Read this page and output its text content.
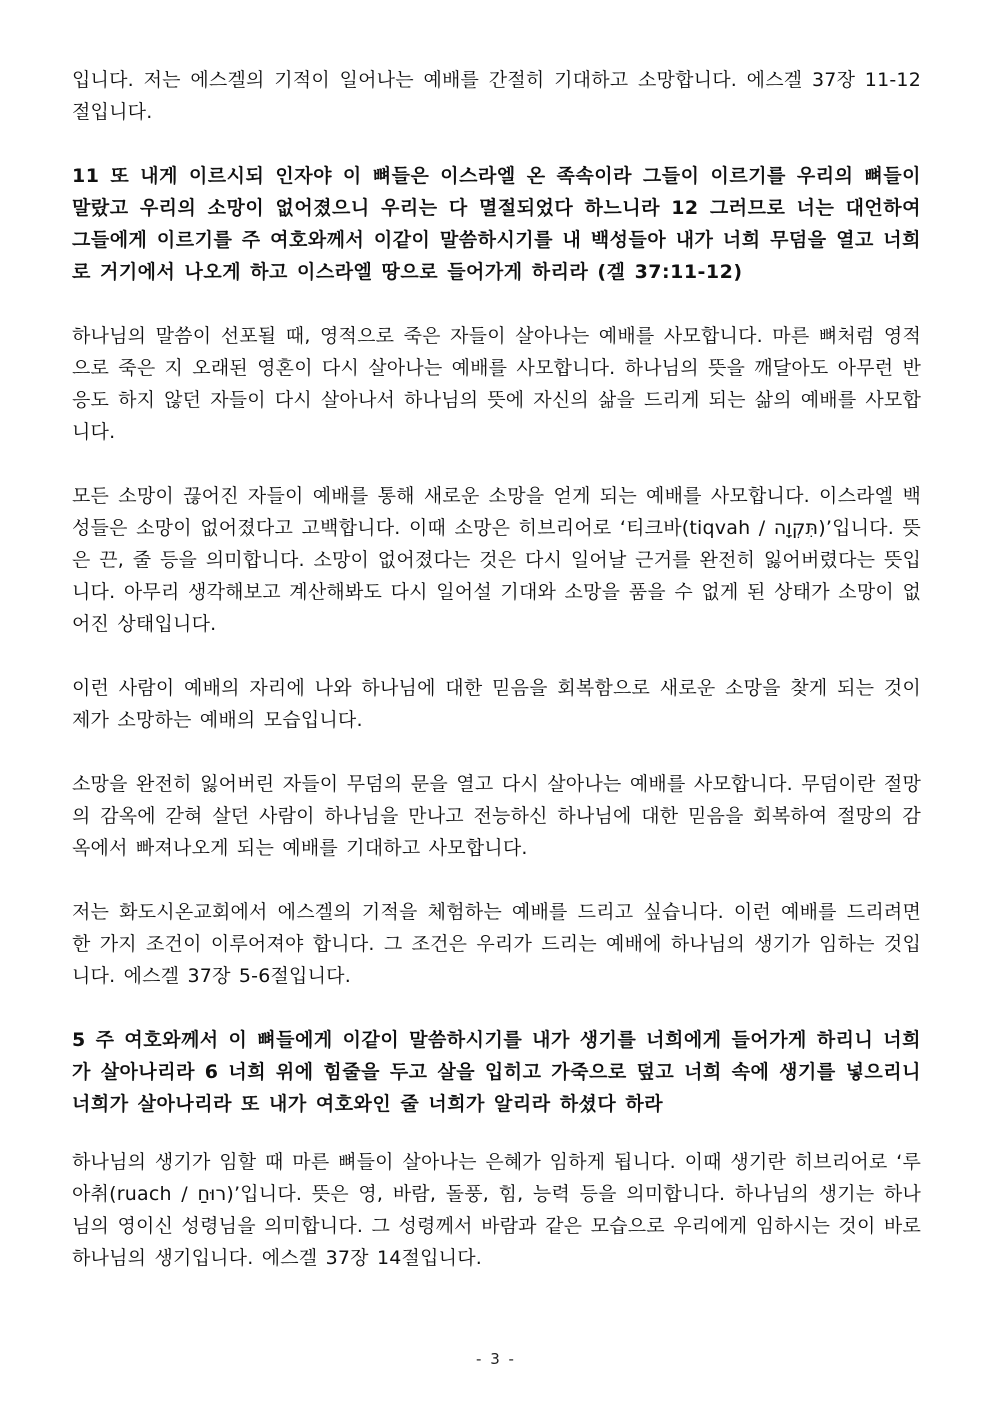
입니다. 저는 에스겔의 기적이 일어나는 예배를 간절히 기대하고 소망합니다. 에스겔 37장 11-12절입니다.

11 또 내게 이르시되 인자야 이 뼈들은 이스라엘 온 족속이라 그들이 이르기를 우리의 뼈들이 말랐고 우리의 소망이 없어졌으니 우리는 다 멸절되었다 하느니라 12 그러므로 너는 대언하여 그들에게 이르기를 주 여호와께서 이같이 말씀하시기를 내 백성들아 내가 너희 무덤을 열고 너희로 거기에서 나오게 하고 이스라엘 땅으로 들어가게 하리라 (겔 37:11-12)

하나님의 말씀이 선포될 때, 영적으로 죽은 자들이 살아나는 예배를 사모합니다. 마른 뼈처럼 영적으로 죽은 지 오래된 영혼이 다시 살아나는 예배를 사모합니다. 하나님의 뜻을 깨달아도 아무런 반응도 하지 않던 자들이 다시 살아나서 하나님의 뜻에 자신의 삶을 드리게 되는 삶의 예배를 사모합니다.

모든 소망이 끊어진 자들이 예배를 통해 새로운 소망을 얻게 되는 예배를 사모합니다. 이스라엘 백성들은 소망이 없어졌다고 고백합니다. 이때 소망은 히브리어로 ‘티크바(tiqvah / תִּקְוָה)’입니다. 뜻은 끈, 줄 등을 의미합니다. 소망이 없어졌다는 것은 다시 일어날 근거를 완전히 잃어버렸다는 뜻입니다. 아무리 생각해보고 계산해봐도 다시 일어설 기대와 소망을 품을 수 없게 된 상태가 소망이 없어진 상태입니다.

이런 사람이 예배의 자리에 나와 하나님에 대한 믿음을 회복함으로 새로운 소망을 찾게 되는 것이 제가 소망하는 예배의 모습입니다.

소망을 완전히 잃어버린 자들이 무덤의 문을 열고 다시 살아나는 예배를 사모합니다. 무덤이란 절망의 감옥에 갇혀 살던 사람이 하나님을 만나고 전능하신 하나님에 대한 믿음을 회복하여 절망의 감옥에서 빠져나오게 되는 예배를 기대하고 사모합니다.

저는 화도시온교회에서 에스겔의 기적을 체험하는 예배를 드리고 싶습니다. 이런 예배를 드리려면 한 가지 조건이 이루어져야 합니다. 그 조건은 우리가 드리는 예배에 하나님의 생기가 임하는 것입니다. 에스겔 37장 5-6절입니다.

5 주 여호와께서 이 뼈들에게 이같이 말씀하시기를 내가 생기를 너희에게 들어가게 하리니 너희가 살아나리라 6 너희 위에 힘줄을 두고 살을 입히고 가죽으로 덮고 너희 속에 생기를 넣으리니 너희가 살아나리라 또 내가 여호와인 줄 너희가 알리라 하셨다 하라

하나님의 생기가 임할 때 마른 뼈들이 살아나는 은혜가 임하게 됩니다. 이때 생기란 히브리어로 ‘루아취(ruach / רוּחַ)’입니다. 뜻은 영, 바람, 돌풍, 힘, 능력 등을 의미합니다. 하나님의 생기는 하나님의 영이신 성령님을 의미합니다. 그 성령께서 바람과 같은 모습으로 우리에게 임하시는 것이 바로 하나님의 생기입니다. 에스겔 37장 14절입니다.

- 3 -
